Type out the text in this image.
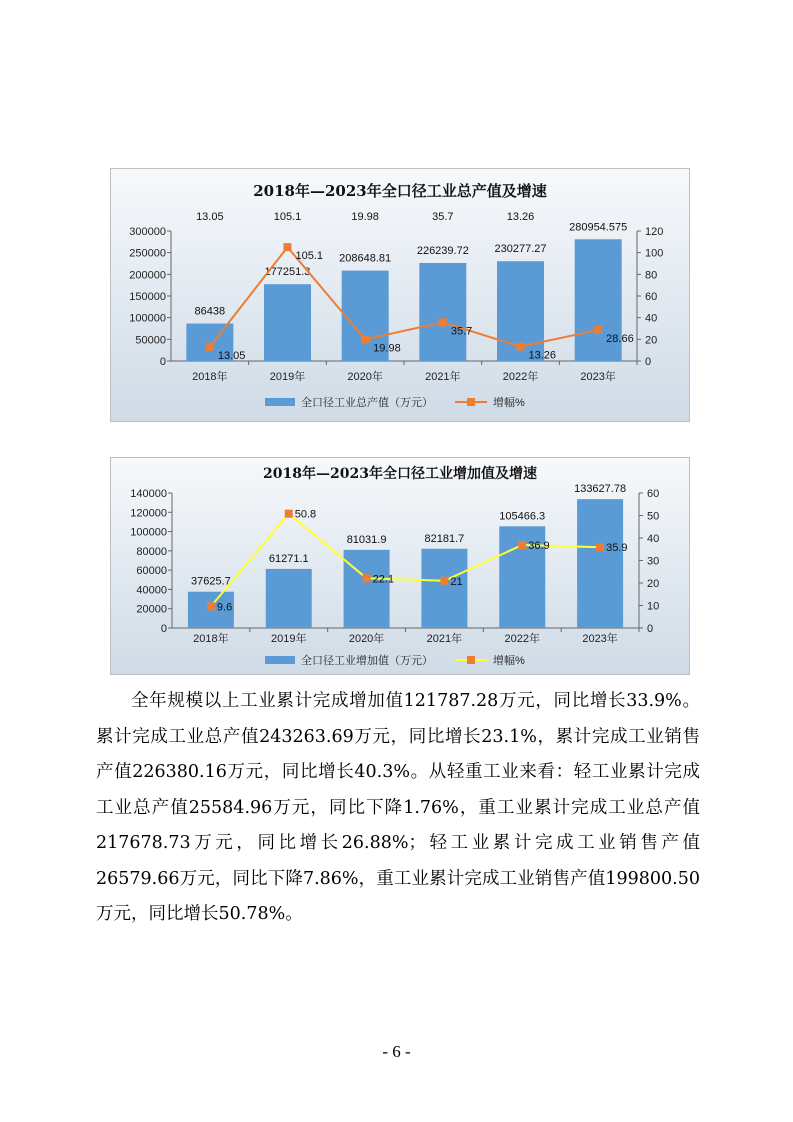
2018年—2023年全口径工业总产值及增速
13.05	105.1	19.98	35.7	13.26
0
50000
100000
150000
200000
250000
300000
0
20
40
60
80
100
120
86438
2018年
177251.3
2019年
208648.81
2020年
226239.72
2021年
230277.27
2022年
280954.575
2023年
13.05
105.1
19.98
35.7
13.26
28.66
全口径工业总产值（万元）	增幅%
2018年—2023年全口径工业增加值及增速
0
20000
40000
60000
80000
100000
120000
140000
0
10
20
30
40
50
60
37625.7
2018年
61271.1
2019年
81031.9
2020年
82181.7
2021年
105466.3
2022年
133627.78
2023年
9.6
50.8
22.1	21
36.9	35.9
全口径工业增加值（万元）	增幅%

全年规模以上工业累计完成增加值121787.28万元，同比增长33.9%。累计完成工业总产值243263.69万元，同比增长23.1%，累计完成工业销售产值226380.16万元，同比增长40.3%。从轻重工业来看：轻工业累计完成工业总产值25584.96万元，同比下降1.76%，重工业累计完成工业总产值217678.73万元，同比增长26.88%；轻工业累计完成工业销售产值26579.66万元，同比下降7.86%，重工业累计完成工业销售产值199800.50万元，同比增长50.78%。

- 6 -
